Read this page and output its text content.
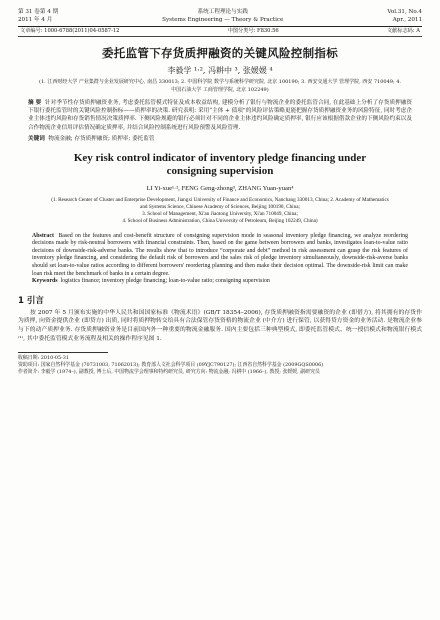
第 31 卷第 4 期
2011 年 4 月
系统工程理论与实践
Systems Engineering — Theory & Practice
Vol.31, No.4
Apr., 2011
文章编号: 1000-6788(2011)04-0587-12	中图分类号: F830.56	文献标志码: A
委托监管下存货质押融资的关键风险控制指标
李毅学 ¹·², 冯耕中 ³, 张媛媛 ⁴
(1. 江西财经大学 产业集群与企业发展研究中心, 南昌 330013; 2. 中国科学院 数学与系统科学研究院, 北京 100190; 3. 西安交通大学 管理学院, 西安 710049; 4. 中国石油大学 工商管理学院, 北京 102249)
摘 要 针对季节性存货质押融资业务, 考虑委托监管模式特征及成本收益结构, 建模分析了银行与物流企业的委托监管合同, 在此基础上分析了存货质押融资下银行委托监管时的关键风险控制指标——质押率的决策. 研究表明: 采用“主体 + 债项”的风险评估策略更能把握存货质押融资业务的风险特征, 同时考虑企业主体违约风险和存货销售情况决策质押率. 下侧风险规避的银行必须针对不同的企业主体违约风险确定质押率, 银行应该根据借款企业的下侧风险约束以及合作物流企业信用评估情况确定质押率, 并结合风险控制系统进行风险预警及风险管理.
关键词 物流金融; 存货质押融资; 质押率; 委托监管
Key risk control indicator of inventory pledge financing under consigning supervision
LI Yi-xue¹·², FENG Geng-zhong³, ZHANG Yuan-yuan⁴
(1. Research Center of Cluster and Enterprise Development, Jiangxi University of Finance and Economics, Nanchang 330013, China; 2. Academy of Mathematics and Systems Science, Chinese Academy of Sciences, Beijing 100190, China;
3. School of Management, Xi'an Jiaotong University, Xi'an 710049, China;
4. School of Business Administration, China University of Petroleum, Beijing 102249, China)
Abstract Based on the features and cost-benefit structure of consigning supervision mode in seasonal inventory pledge financing, we analyze reordering decisions made by risk-neutral borrowers with financial constraints. Then, based on the game between borrowers and banks, investigates loan-to-value ratio decisions of downside-risk-adverse banks. The results show that to introduce “corporate and debt” method in risk assessment can grasp the risk features of inventory pledge financing, and considering the default risk of borrowers and the sales risk of pledge inventory simultaneously, downside-risk-averse banks should set loan-to-value ratios according to different borrowers' reordering planning and then make their decision optimal. The downside-risk limit can make loan risk meet the benchmark of banks in a certain degree.
Keywords logistics finance; inventory pledge financing; loan-to-value ratio; consigning supervision
1 引言
按 2007 年 5 月颁布实施的中华人民共和国国家标准《物流术语》(GB/T 18354–2006), 存货质押融资指需要融资的企业 (即借方), 将其拥有的存货作为质押, 向资金提供企业 (即贷方) 出质, 同时将质押物转交给具有合法保管存货资格的物流企业 (中介方) 进行保管, 以获得贷方资金的业务活动. 是物流企业参与下的动产质押业务. 存货质押融资业务是目前国内外一种重要的物流金融服务. 国内主要包括三种典型模式, 即委托监管模式、统一授信模式和物流银行模式 ⁽¹⁾, 其中委托监管模式业务流程及相关的操作程序见图 1.
收稿日期: 2010-05-31
资助项目: 国家自然科学基金 (70731003, 71062013); 教育部人文社会科学项目 (09YJC790127); 江西省自然科学基金 (2009GQS0006)
作者简介: 李毅学 (1974–), 副教授, 博士后, 中国物流学会理事和特约研究员, 研究方向: 物流金融; 冯耕中 (1966–), 教授; 张媛媛, 副研究员
